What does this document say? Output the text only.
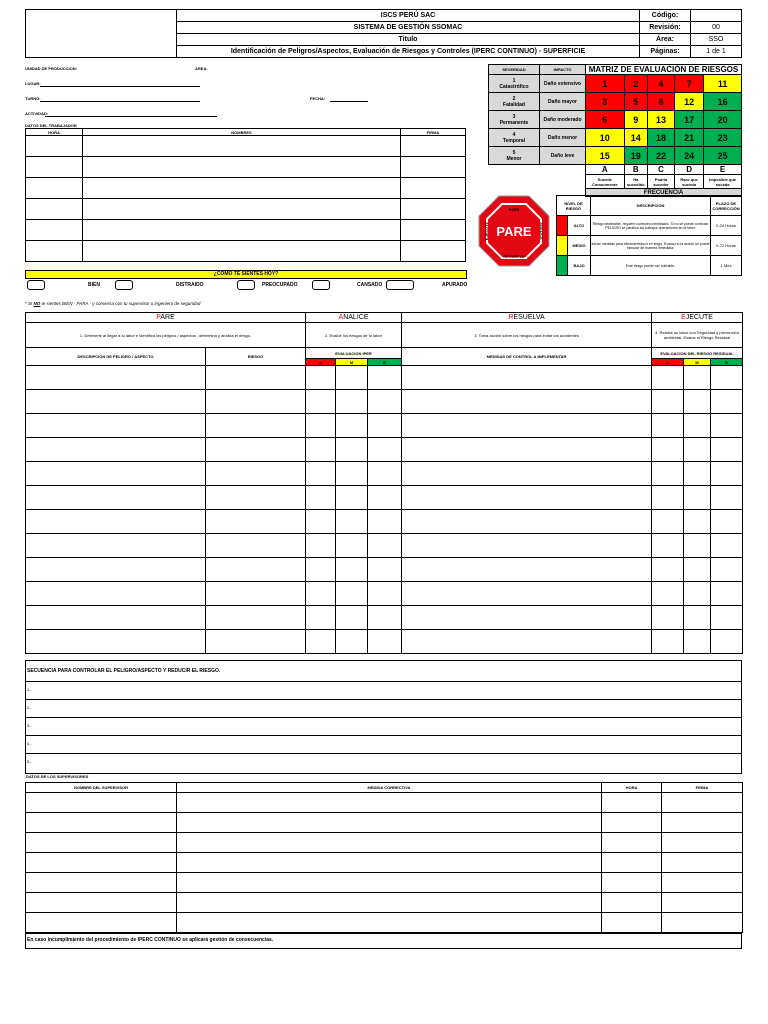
	ISCS PERÚ SAC	Código:	
	SISTEMA DE GESTIÓN SSOMAC	Revisión:	00
	Titulo	Área:	SSO
	Identificación de Peligros/Aspectos, Evaluación de Riesgos y Controles (IPERC CONTINUO) - SUPERFICIE	Páginas:	1 de 1
UNIDAD DE PRODUCCION:	AREA:
LUGAR:
TURNO:	FECHA:
ACTIVIDAD:
DATOS DEL TRABAJADOR
HORA	NOMBRES	FIRMA

¿CÓMO TE SIENTES HOY?
BIEN	DISTRAIDO	PREOCUPADO	CANSADO	APURADO
* SI NO te sientes BIEN - PARA - y conversa con tu supervisor o ingeniero de seguridad
SEVERIDAD	IMPACTO	MATRIZ DE EVALUACIÓN DE RIESGOS				

1
Catastrófico	Daño extensivo	1	2	4	7	11

2
Fatalidad	Daño mayor	3	5	8	12	16

3
Permanente	Daño moderado	6	9	13	17	20

4
Temporal	Daño menor	10	14	18	21	23

5
Menor	Daño leve	15	19	22	24	25
		A	B	C	D	E
		Sucede Comunmente	Ha sucedido	Podría suceder	Raro que suceda	Imposible que suceda
		FRECUENCIA				
PARE
PARE
RESUELVA
EJECUTE	ANALICE
NIVEL DE RIESGO		DESCRIPCIÓN	PLAZO DE CORRECCIÓN
	ALTO	Riesgo intolerable, requiere controles inmediatos. Si no se puede controlar PELIGRO se paraliza los trabajos operaciones en la labor.	0-24 Horas
	MEDIO	Iniciar medidas para eliminar/reducir el riesgo. Evaluar si la acción se puede ejecutar de manera inmediata.	0-72 Horas
	BAJO	Este riesgo puede ser tolerable.	1 Mes
PARE		ANALICE			RESUELVA	EJECUTE		
1. Detenerte al llegar a tu labor e identifica los peligros / aspectos , determina y analiza el riesgo.		2. Evalúe los riesgos de tu labor			3. Toma acción sobre los riesgos para evitar los accidentes	4. Realice su labor con Seguridad y prevención ambiental. Evalúe el Riesgo Residual		
DESCRIPCION DE PELIGRO / ASPECTO	RIESGO	EVALUACION IPER			MEDIDAS DE CONTROL A IMPLEMENTAR	EVALUACION DEL RIESGO RESIDUAL		
		A	M	B		A	M	B

SECUENCIA PARA CONTROLAR EL PELIGRO/ASPECTO Y REDUCIR EL RIESGO.
1.-
2.-
3.-
4.-
5.-
DATOS DE LOS SUPERVISORES
NOMBRE DEL SUPERVISOR	MEDIDA CORRECTIVA	HORA	FIRMA

En caso incumplimiento del procedimiento de IPERC CONTINUO se aplicará gestión de consecuencias.
